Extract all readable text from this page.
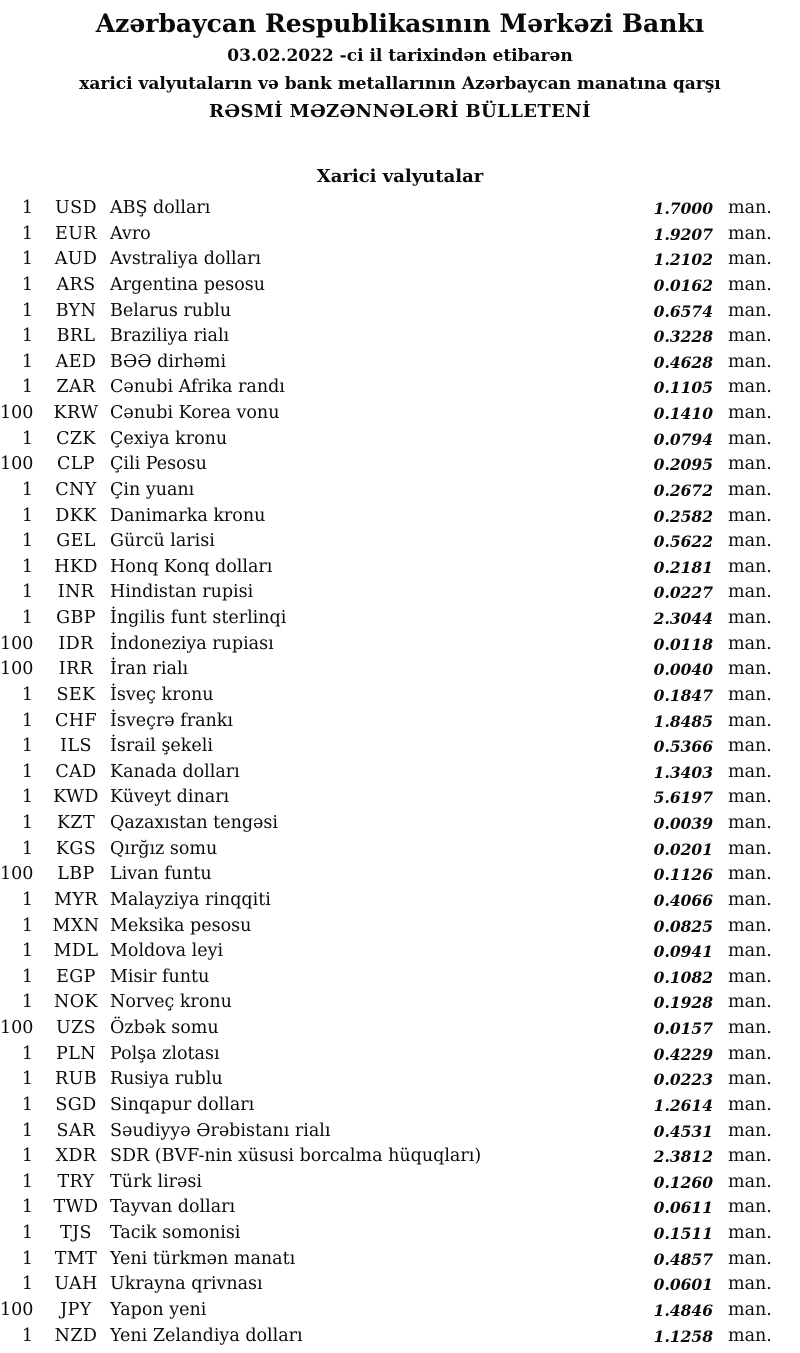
Azərbaycan Respublikasının Mərkəzi Bankı
03.02.2022 -ci il tarixindən etibarən
xarici valyutaların və bank metallarının Azərbaycan manatına qarşı
RƏSMİ MƏZƏNNƏLƏRİ BÜLLETENİ
Xarici valyutalar
1	USD ABŞ dolları	1.7000 man.
1	EUR Avro	1.9207 man.
1	AUD Avstraliya dolları	1.2102 man.
1	ARS Argentina pesosu	0.0162 man.
1	BYN Belarus rublu	0.6574 man.
1	BRL Braziliya rialı	0.3228 man.
1	AED BƏƏ dirhəmi	0.4628 man.
1	ZAR Cənubi Afrika randı	0.1105 man.
100	KRW Cənubi Korea vonu	0.1410 man.
1	CZK Çexiya kronu	0.0794 man.
100	CLP Çili Pesosu	0.2095 man.
1	CNY Çin yuanı	0.2672 man.
1	DKK Danimarka kronu	0.2582 man.
1	GEL Gürcü larisi	0.5622 man.
1	HKD Honq Konq dolları	0.2181 man.
1	INR Hindistan rupisi	0.0227 man.
1	GBP İngilis funt sterlinqi	2.3044 man.
100	IDR İndoneziya rupiası	0.0118 man.
100	IRR İran rialı	0.0040 man.
1	SEK İsveç kronu	0.1847 man.
1	CHF İsveçrə frankı	1.8485 man.
1	ILS	İsrail şekeli	0.5366 man.
1	CAD Kanada dolları	1.3403 man.
1	KWD Küveyt dinarı	5.6197 man.
1	KZT Qazaxıstan tengəsi	0.0039 man.
1	KGS Qırğız somu	0.0201 man.
100	LBP Livan funtu	0.1126 man.
1	MYR Malayziya rinqqiti	0.4066 man.
1	MXN Meksika pesosu	0.0825 man.
1	MDL Moldova leyi	0.0941 man.
1	EGP Misir funtu	0.1082 man.
1	NOK Norveç kronu	0.1928 man.
100	UZS Özbək somu	0.0157 man.
1	PLN Polşa zlotası	0.4229 man.
1	RUB Rusiya rublu	0.0223 man.
1	SGD Sinqapur dolları	1.2614 man.
1	SAR Səudiyyə Ərəbistanı rialı	0.4531 man.
1	XDR SDR (BVF-nin xüsusi borcalma hüquqları)	2.3812 man.
1	TRY Türk lirəsi	0.1260 man.
1	TWD Tayvan dolları	0.0611 man.
1	TJS	Tacik somonisi	0.1511 man.
1	TMT Yeni türkmən manatı	0.4857 man.
1	UAH Ukrayna qrivnası	0.0601 man.
100	JPY	Yapon yeni	1.4846 man.
1	NZD Yeni Zelandiya dolları	1.1258 man.
